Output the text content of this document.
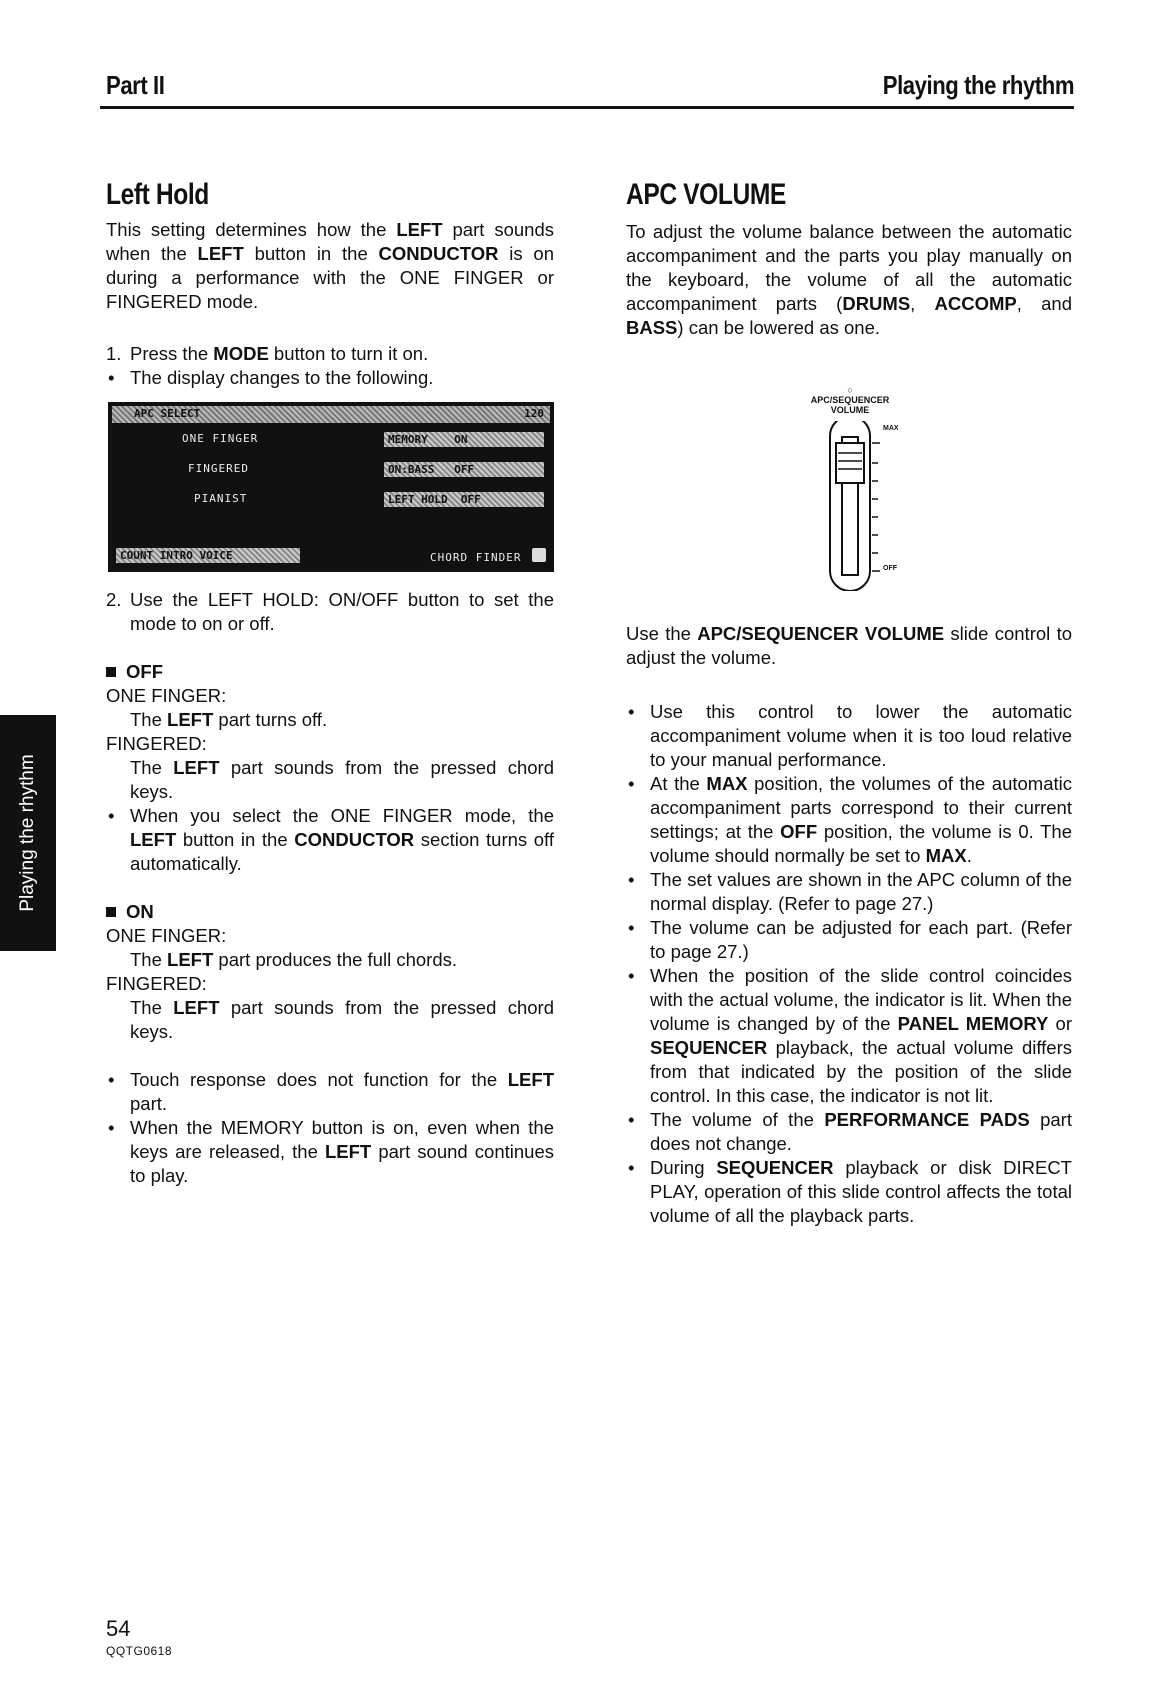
Part II	Playing the rhythm
Left Hold

This setting determines how the LEFT part sounds when the LEFT button in the CONDUCTOR is on during a performance with the ONE FINGER or FINGERED mode.

1. Press the MODE button to turn it on.

• The display changes to the following.

APC SELECT	120
ONE FINGER
FINGERED
PIANIST
MEMORY ON
ON:BASS OFF
LEFT HOLD OFF
COUNT INTRO VOICE	CHORD FINDER

2. Use the LEFT HOLD: ON/OFF button to set the mode to on or off.

OFF

ONE FINGER:

The LEFT part turns off.

FINGERED:

The LEFT part sounds from the pressed chord keys.

• When you select the ONE FINGER mode, the LEFT button in the CONDUCTOR section turns off automatically.

ON

ONE FINGER:

The LEFT part produces the full chords.

FINGERED:

The LEFT part sounds from the pressed chord keys.

• Touch response does not function for the LEFT part.

• When the MEMORY button is on, even when the keys are released, the LEFT part sound continues to play.

APC VOLUME

To adjust the volume balance between the automatic accompaniment and the parts you play manually on the keyboard, the volume of all the automatic accompaniment parts (DRUMS, ACCOMP, and BASS) can be lowered as one.

○
APC/SEQUENCER
VOLUME
MAX
OFF

Use the APC/SEQUENCER VOLUME slide control to adjust the volume.

• Use this control to lower the automatic accompaniment volume when it is too loud relative to your manual performance.

• At the MAX position, the volumes of the automatic accompaniment parts correspond to their current settings; at the OFF position, the volume is 0. The volume should normally be set to MAX.

• The set values are shown in the APC column of the normal display. (Refer to page 27.)

• The volume can be adjusted for each part. (Refer to page 27.)

• When the position of the slide control coincides with the actual volume, the indicator is lit. When the volume is changed by of the PANEL MEMORY or SEQUENCER playback, the actual volume differs from that indicated by the position of the slide control. In this case, the indicator is not lit.

• The volume of the PERFORMANCE PADS part does not change.

• During SEQUENCER playback or disk DIRECT PLAY, operation of this slide control affects the total volume of all the playback parts.

Playing the rhythm
54
QQTG0618
